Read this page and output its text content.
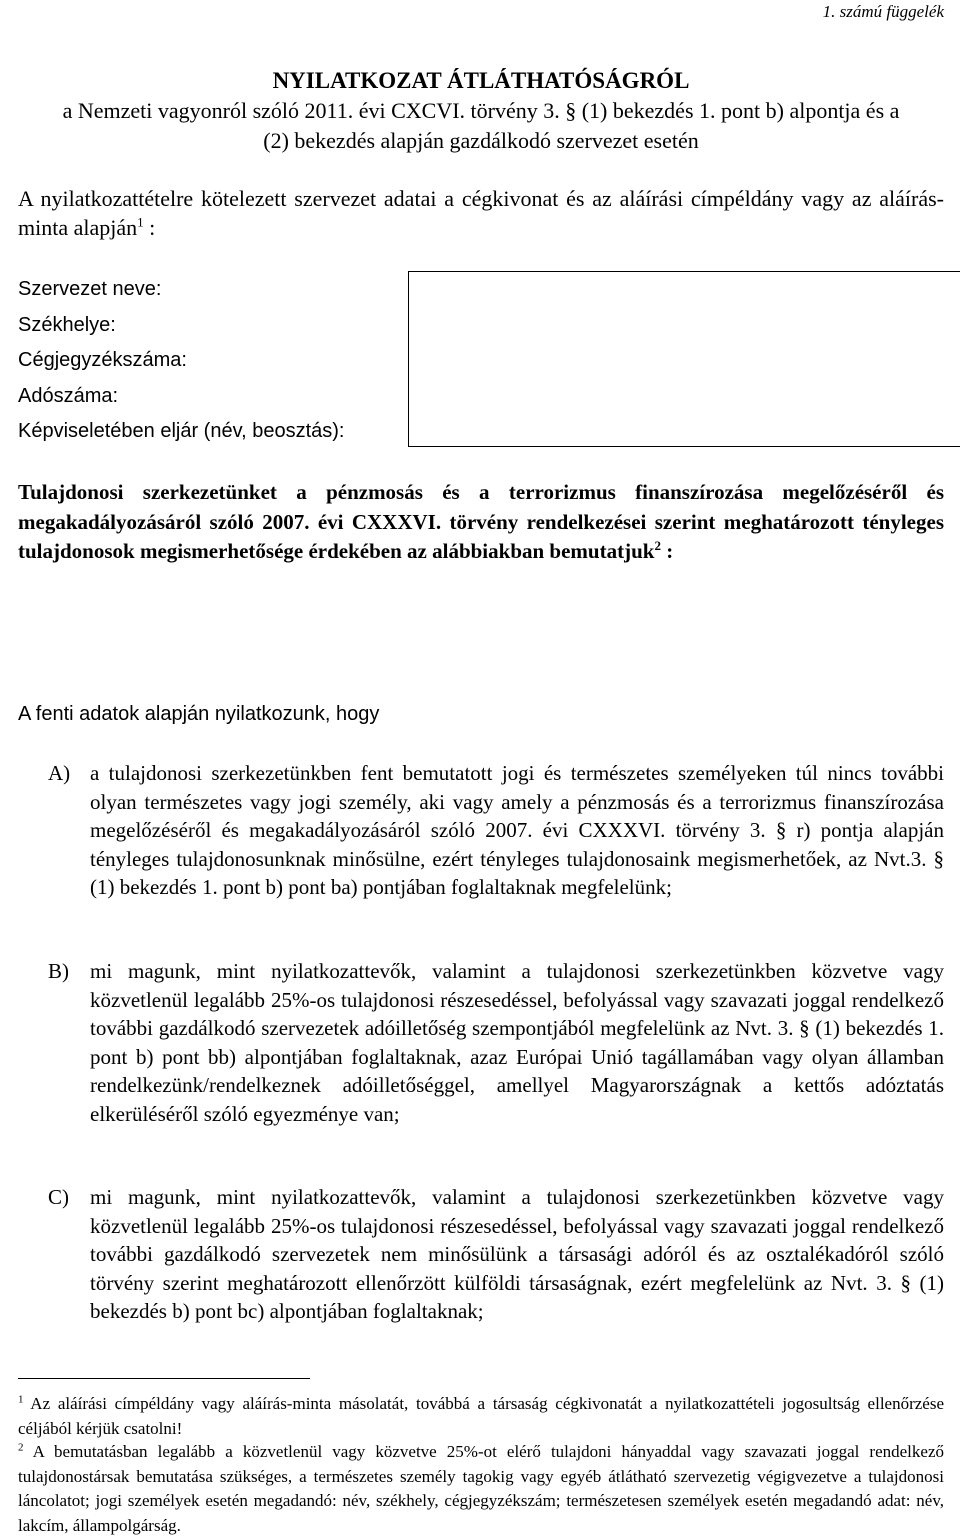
1. számú függelék
NYILATKOZAT ÁTLÁTHATÓSÁGRÓL
a Nemzeti vagyonról szóló 2011. évi CXCVI. törvény 3. § (1) bekezdés 1. pont b) alpontja és a
(2) bekezdés alapján gazdálkodó szervezet esetén
A nyilatkozattételre kötelezett szervezet adatai a cégkivonat és az aláírási címpéldány vagy az aláírás-minta alapján$^1$ :
Szervezet neve:
Székhelye:
Cégjegyzékszáma:
Adószáma:
Képviseletében eljár (név, beosztás):
Tulajdonosi szerkezetünket a pénzmosás és a terrorizmus finanszírozása megelőzéséről és megakadályozásáról szóló 2007. évi CXXXVI. törvény rendelkezései szerint meghatározott tényleges tulajdonosok megismerhetősége érdekében az alábbiakban bemutatjuk$^2$ :
A fenti adatok alapján nyilatkozunk, hogy
A) a tulajdonosi szerkezetünkben fent bemutatott jogi és természetes személyeken túl nincs további olyan természetes vagy jogi személy, aki vagy amely a pénzmosás és a terrorizmus finanszírozása megelőzéséről és megakadályozásáról szóló 2007. évi CXXXVI. törvény 3. § r) pontja alapján tényleges tulajdonosunknak minősülne, ezért tényleges tulajdonosaink megismerhetőek, az Nvt.3. § (1) bekezdés 1. pont b) pont ba) pontjában foglaltaknak megfelelünk;
B)	mi magunk, mint nyilatkozattevők, valamint a tulajdonosi szerkezetünkben közvetve vagy közvetlenül legalább 25%-os tulajdonosi részesedéssel, befolyással vagy szavazati joggal rendelkező további gazdálkodó szervezetek adóilletőség szempontjából megfelelünk az Nvt. 3. § (1) bekezdés 1. pont b) pont bb) alpontjában foglaltaknak, azaz Európai Unió tagállamában vagy olyan államban rendelkezünk/rendelkeznek adóilletőséggel, amellyel Magyarországnak a kettős adóztatás elkerüléséről szóló egyezménye van;
C)	mi magunk, mint nyilatkozattevők, valamint a tulajdonosi szerkezetünkben közvetve vagy közvetlenül legalább 25%-os tulajdonosi részesedéssel, befolyással vagy szavazati joggal rendelkező további gazdálkodó szervezetek nem minősülünk a társasági adóról és az osztalékadóról szóló törvény szerint meghatározott ellenőrzött külföldi társaságnak, ezért megfelelünk az Nvt. 3. § (1) bekezdés b) pont bc) alpontjában foglaltaknak;
$^1$ Az aláírási címpéldány vagy aláírás-minta másolatát, továbbá a társaság cégkivonatát a nyilatkozattételi jogosultság ellenőrzése céljából kérjük csatolni!
$^2$ A bemutatásban legalább a közvetlenül vagy közvetve 25%-ot elérő tulajdoni hányaddal vagy szavazati joggal rendelkező tulajdonostársak bemutatása szükséges, a természetes személy tagokig vagy egyéb átlátható szervezetig végigvezetve a tulajdonosi láncolatot; jogi személyek esetén megadandó: név, székhely, cégjegyzékszám; természetesen személyek esetén megadandó adat: név, lakcím, állampolgárság.
